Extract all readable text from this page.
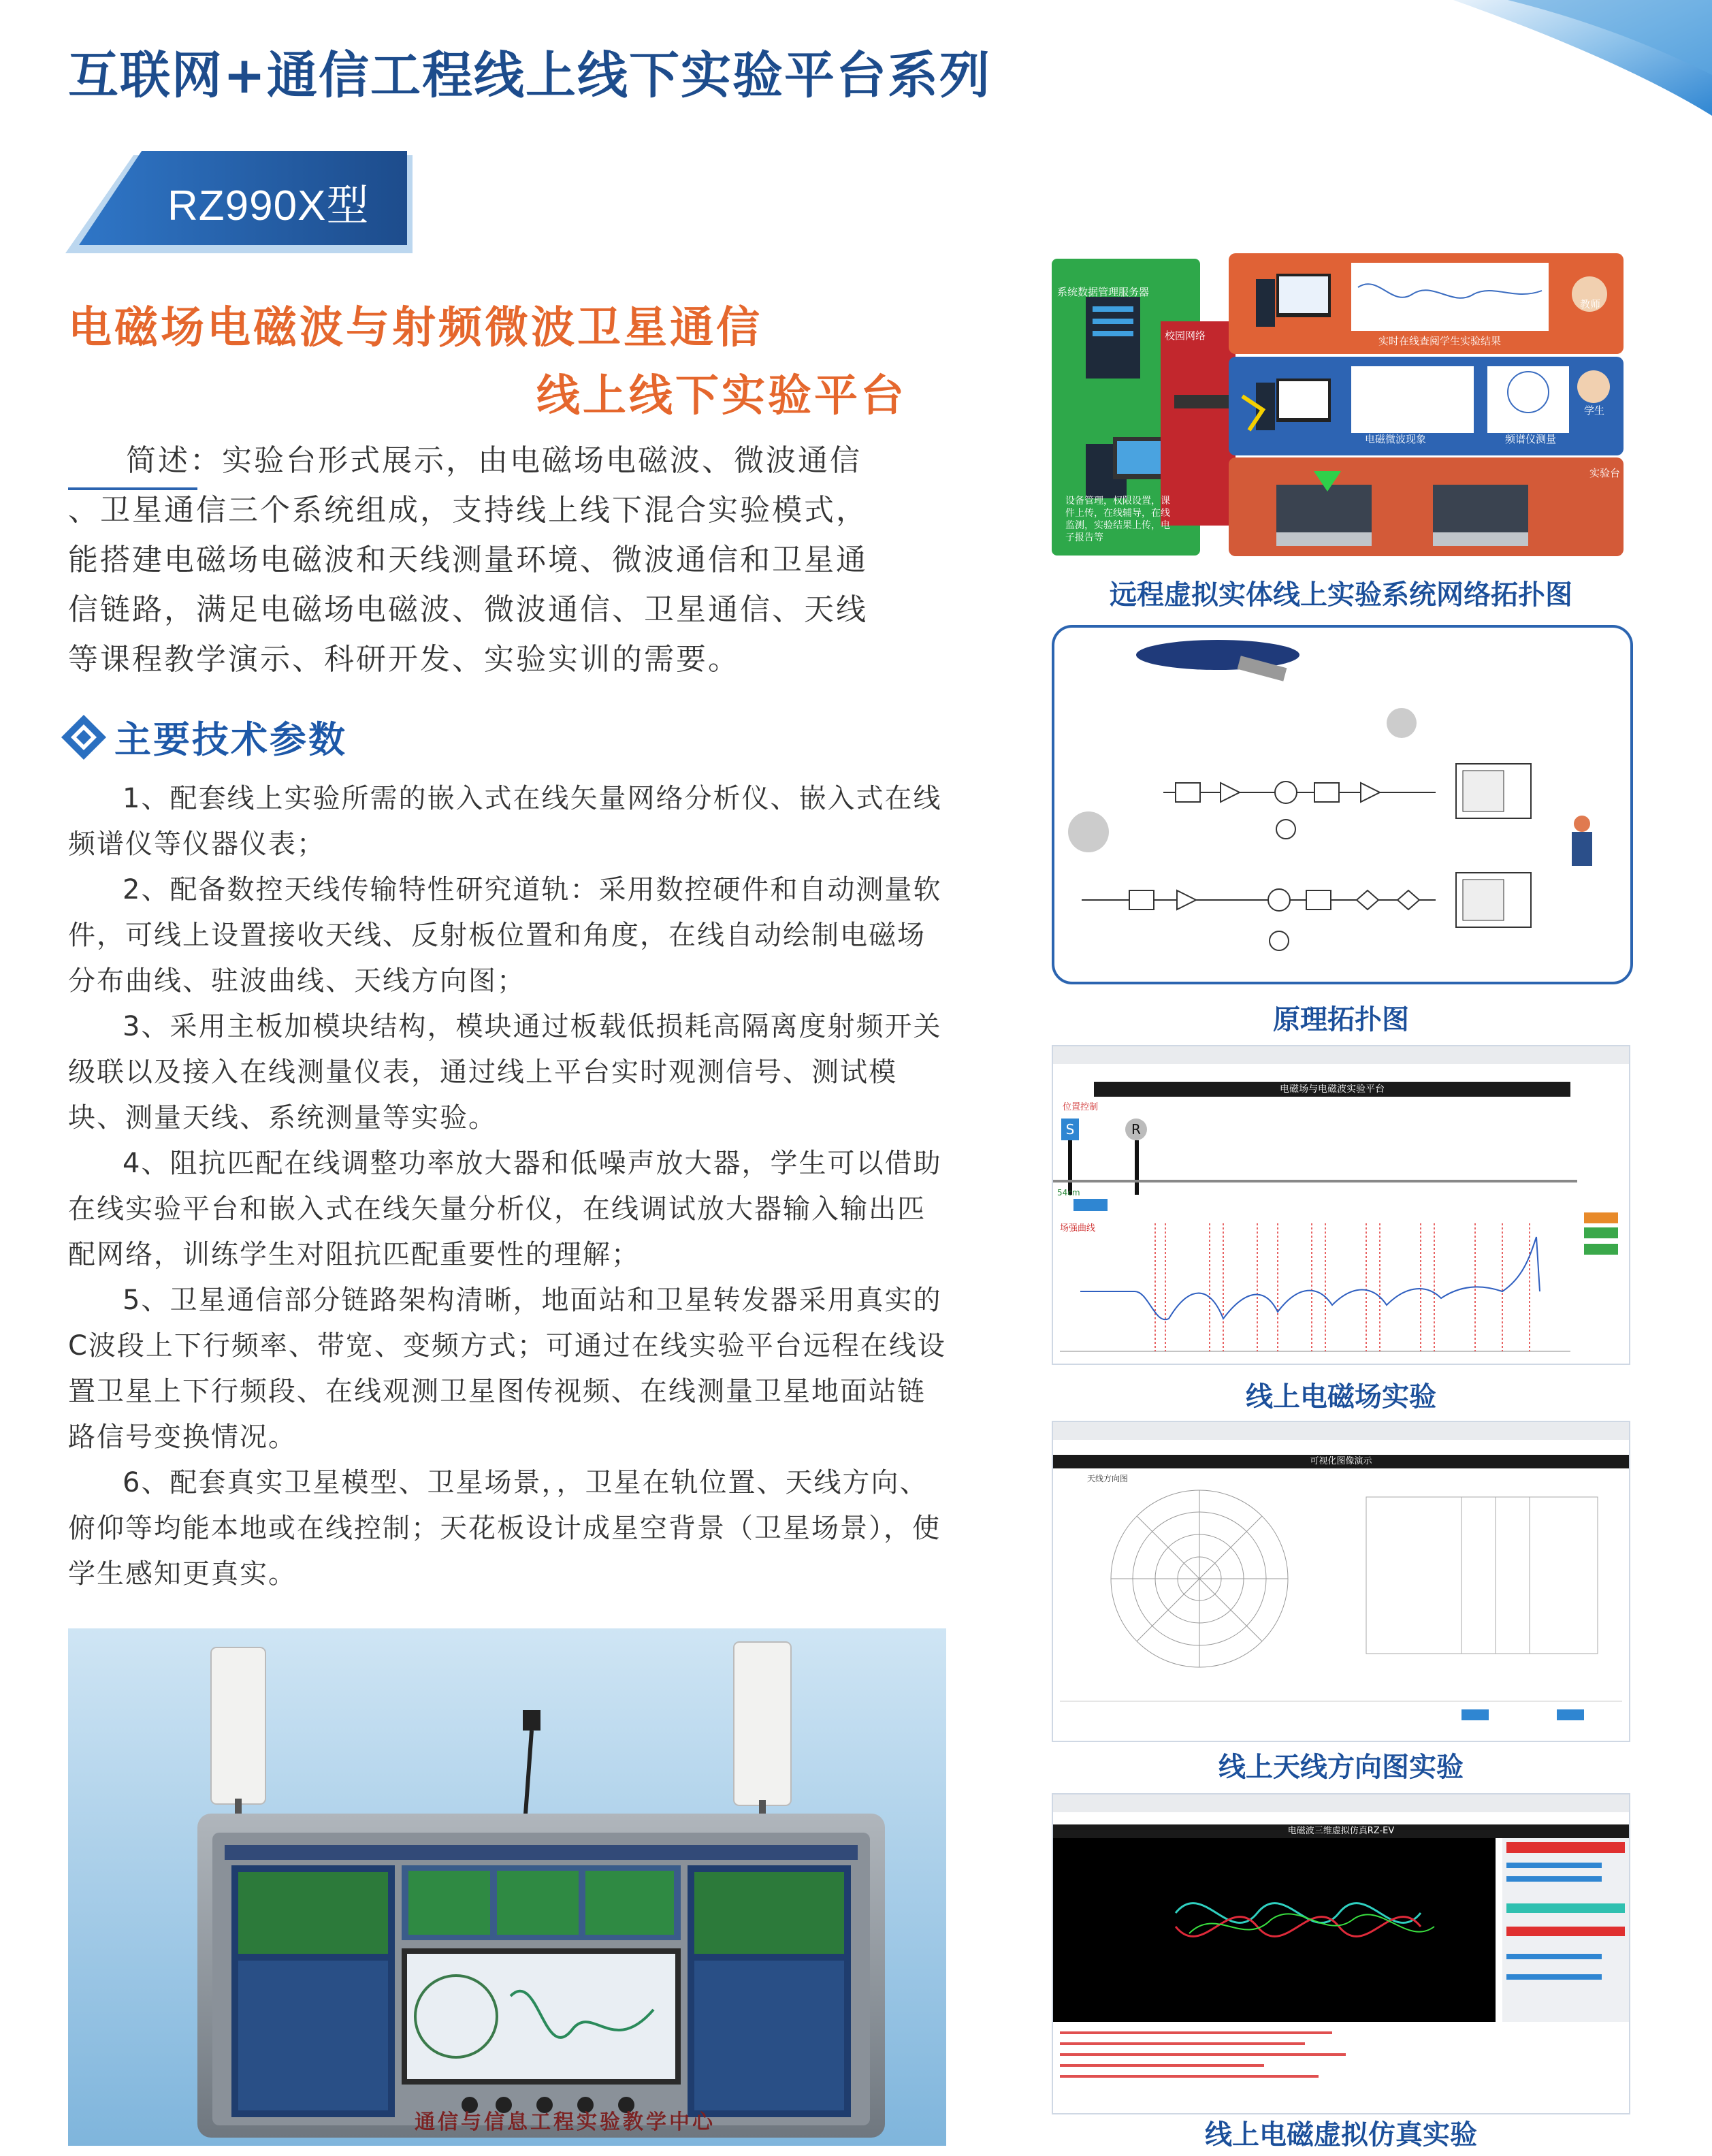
互联网+通信工程线上线下实验平台系列
RZ990X型
电磁场电磁波与射频微波卫星通信
线上线下实验平台
简述：实验台形式展示，由电磁场电磁波、微波通信
、卫星通信三个系统组成，支持线上线下混合实验模式，
能搭建电磁场电磁波和天线测量环境、微波通信和卫星通
信链路，满足电磁场电磁波、微波通信、卫星通信、天线
等课程教学演示、科研开发、实验实训的需要。
主要技术参数

1、配套线上实验所需的嵌入式在线矢量网络分析仪、嵌入式在线频谱仪等仪器仪表；

2、配备数控天线传输特性研究道轨：采用数控硬件和自动测量软件，可线上设置接收天线、反射板位置和角度，在线自动绘制电磁场分布曲线、驻波曲线、天线方向图；

3、采用主板加模块结构，模块通过板载低损耗高隔离度射频开关级联以及接入在线测量仪表，通过线上平台实时观测信号、测试模块、测量天线、系统测量等实验。

4、阻抗匹配在线调整功率放大器和低噪声放大器，学生可以借助在线实验平台和嵌入式在线矢量分析仪，在线调试放大器输入输出匹配网络，训练学生对阻抗匹配重要性的理解；

5、卫星通信部分链路架构清晰，地面站和卫星转发器采用真实的C波段上下行频率、带宽、变频方式；可通过在线实验平台远程在线设置卫星上下行频段、在线观测卫星图传视频、在线测量卫星地面站链路信号变换情况。

6、配套真实卫星模型、卫星场景，，卫星在轨位置、天线方向、俯仰等均能本地或在线控制；天花板设计成星空背景（卫星场景），使学生感知更真实。

通信与信息工程实验教学中心
系统数据管理服务器
校园网络
教师
实时在线查阅学生实验结果
学生
PC观测实验结果
电磁微波现象
线上矢网、
频谱仪测量
实验台
设备管理，权限设置，课
件上传，在线辅导，在线
监测，实验结果上传，电
子报告等
远程虚拟实体线上实验系统网络拓扑图
原理拓扑图
电磁场与电磁波实验平台
位置控制
S	R
54cm
场强曲线
线上电磁场实验
可视化图像演示
天线方向图
线上天线方向图实验
电磁波三维虚拟仿真RZ-EV
线上电磁虚拟仿真实验
